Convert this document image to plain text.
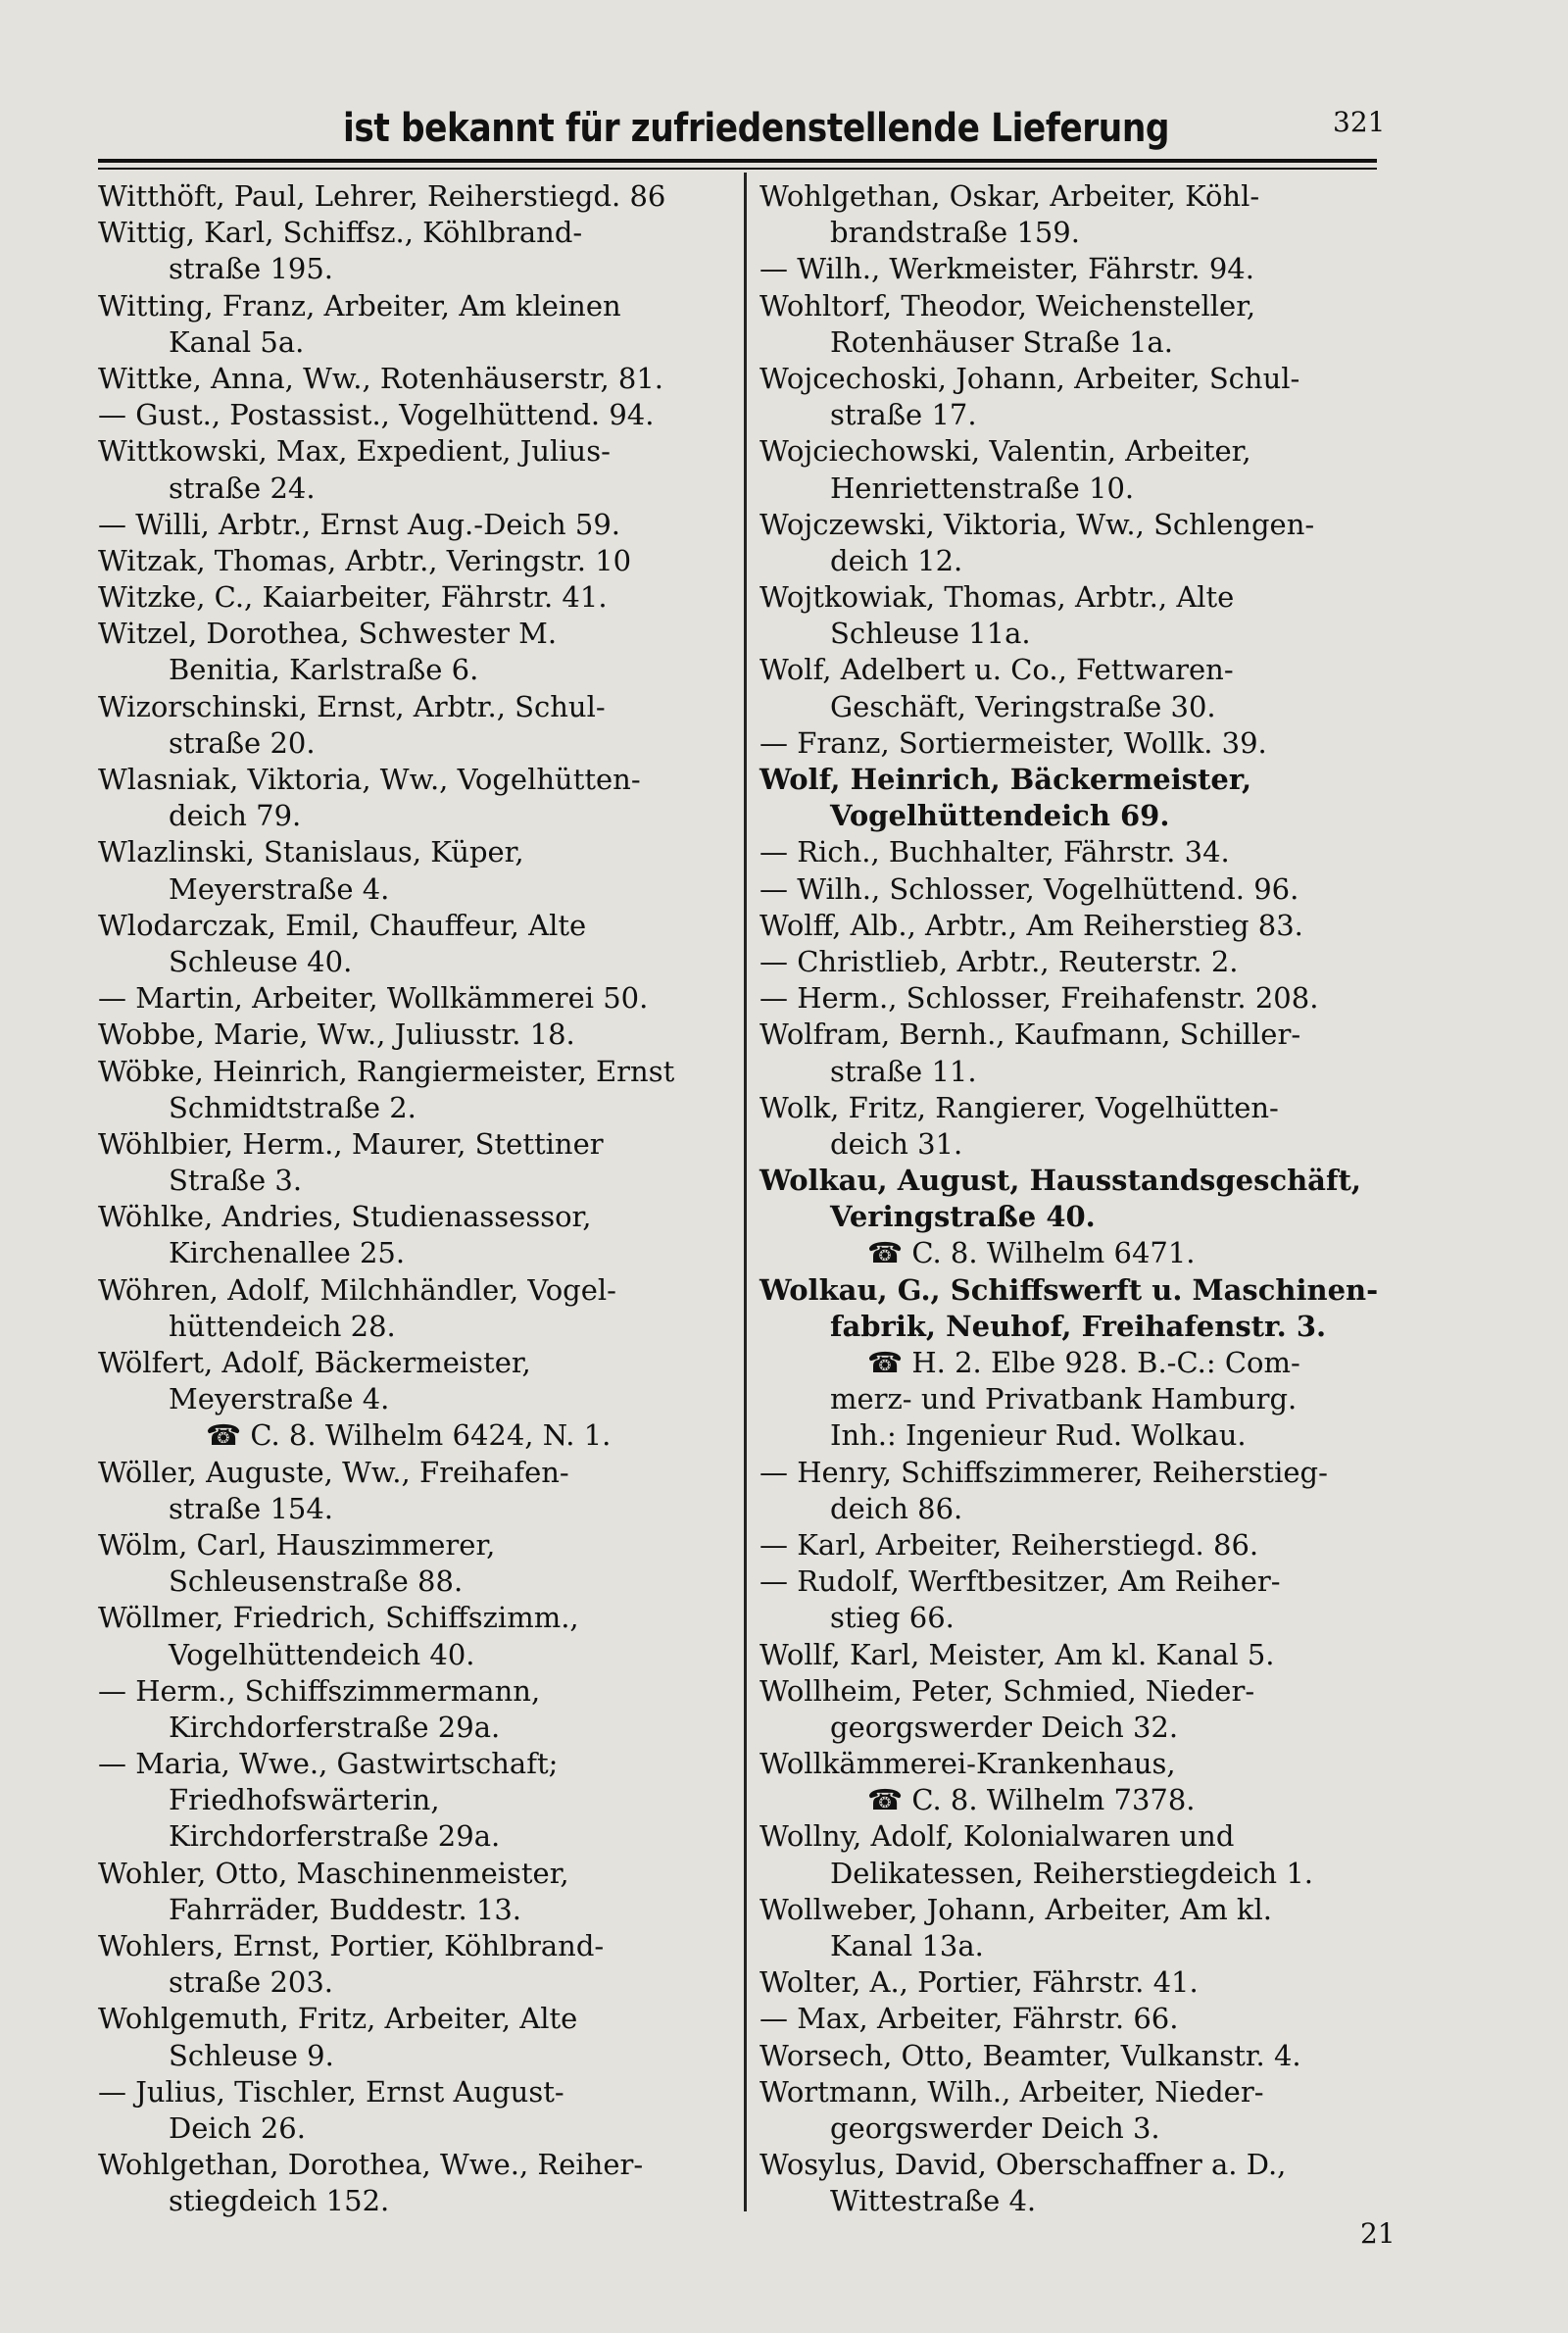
ist bekannt für zufriedenstellende Lieferung	321
Witthöft, Paul, Lehrer, Reiherstiegd. 86
Wittig, Karl, Schiffsz., Köhlbrand-
straße 195.
Witting, Franz, Arbeiter, Am kleinen
Kanal 5a.
Wittke, Anna, Ww., Rotenhäuserstr, 81.
— Gust., Postassist., Vogelhüttend. 94.
Wittkowski, Max, Expedient, Julius-
straße 24.
— Willi, Arbtr., Ernst Aug.-Deich 59.
Witzak, Thomas, Arbtr., Veringstr. 10
Witzke, C., Kaiarbeiter, Fährstr. 41.
Witzel, Dorothea, Schwester M.
Benitia, Karlstraße 6.
Wizorschinski, Ernst, Arbtr., Schul-
straße 20.
Wlasniak, Viktoria, Ww., Vogelhütten-
deich 79.
Wlazlinski, Stanislaus, Küper,
Meyerstraße 4.
Wlodarczak, Emil, Chauffeur, Alte
Schleuse 40.
— Martin, Arbeiter, Wollkämmerei 50.
Wobbe, Marie, Ww., Juliusstr. 18.
Wöbke, Heinrich, Rangiermeister, Ernst
Schmidtstraße 2.
Wöhlbier, Herm., Maurer, Stettiner
Straße 3.
Wöhlke, Andries, Studienassessor,
Kirchenallee 25.
Wöhren, Adolf, Milchhändler, Vogel-
hüttendeich 28.
Wölfert, Adolf, Bäckermeister,
Meyerstraße 4.
☎ C. 8. Wilhelm 6424, N. 1.
Wöller, Auguste, Ww., Freihafen-
straße 154.
Wölm, Carl, Hauszimmerer,
Schleusenstraße 88.
Wöllmer, Friedrich, Schiffszimm.,
Vogelhüttendeich 40.
— Herm., Schiffszimmermann,
Kirchdorferstraße 29a.
— Maria, Wwe., Gastwirtschaft;
Friedhofswärterin,
Kirchdorferstraße 29a.
Wohler, Otto, Maschinenmeister,
Fahrräder, Buddestr. 13.
Wohlers, Ernst, Portier, Köhlbrand-
straße 203.
Wohlgemuth, Fritz, Arbeiter, Alte
Schleuse 9.
— Julius, Tischler, Ernst August-
Deich 26.
Wohlgethan, Dorothea, Wwe., Reiher-
stiegdeich 152.
Wohlgethan, Oskar, Arbeiter, Köhl-
brandstraße 159.
— Wilh., Werkmeister, Fährstr. 94.
Wohltorf, Theodor, Weichensteller,
Rotenhäuser Straße 1a.
Wojcechoski, Johann, Arbeiter, Schul-
straße 17.
Wojciechowski, Valentin, Arbeiter,
Henriettenstraße 10.
Wojczewski, Viktoria, Ww., Schlengen-
deich 12.
Wojtkowiak, Thomas, Arbtr., Alte
Schleuse 11a.
Wolf, Adelbert u. Co., Fettwaren-
Geschäft, Veringstraße 30.
— Franz, Sortiermeister, Wollk. 39.
Wolf, Heinrich, Bäckermeister,
Vogelhüttendeich 69.
— Rich., Buchhalter, Fährstr. 34.
— Wilh., Schlosser, Vogelhüttend. 96.
Wolff, Alb., Arbtr., Am Reiherstieg 83.
— Christlieb, Arbtr., Reuterstr. 2.
— Herm., Schlosser, Freihafenstr. 208.
Wolfram, Bernh., Kaufmann, Schiller-
straße 11.
Wolk, Fritz, Rangierer, Vogelhütten-
deich 31.
Wolkau, August, Hausstandsgeschäft,
Veringstraße 40.
☎ C. 8. Wilhelm 6471.
Wolkau, G., Schiffswerft u. Maschinen-
fabrik, Neuhof, Freihafenstr. 3.
☎ H. 2. Elbe 928. B.-C.: Com-
merz- und Privatbank Hamburg.
Inh.: Ingenieur Rud. Wolkau.
— Henry, Schiffszimmerer, Reiherstieg-
deich 86.
— Karl, Arbeiter, Reiherstiegd. 86.
— Rudolf, Werftbesitzer, Am Reiher-
stieg 66.
Wollf, Karl, Meister, Am kl. Kanal 5.
Wollheim, Peter, Schmied, Nieder-
georgswerder Deich 32.
Wollkämmerei-Krankenhaus,
☎ C. 8. Wilhelm 7378.
Wollny, Adolf, Kolonialwaren und
Delikatessen, Reiherstiegdeich 1.
Wollweber, Johann, Arbeiter, Am kl.
Kanal 13a.
Wolter, A., Portier, Fährstr. 41.
— Max, Arbeiter, Fährstr. 66.
Worsech, Otto, Beamter, Vulkanstr. 4.
Wortmann, Wilh., Arbeiter, Nieder-
georgswerder Deich 3.
Wosylus, David, Oberschaffner a. D.,
Wittestraße 4.
21
